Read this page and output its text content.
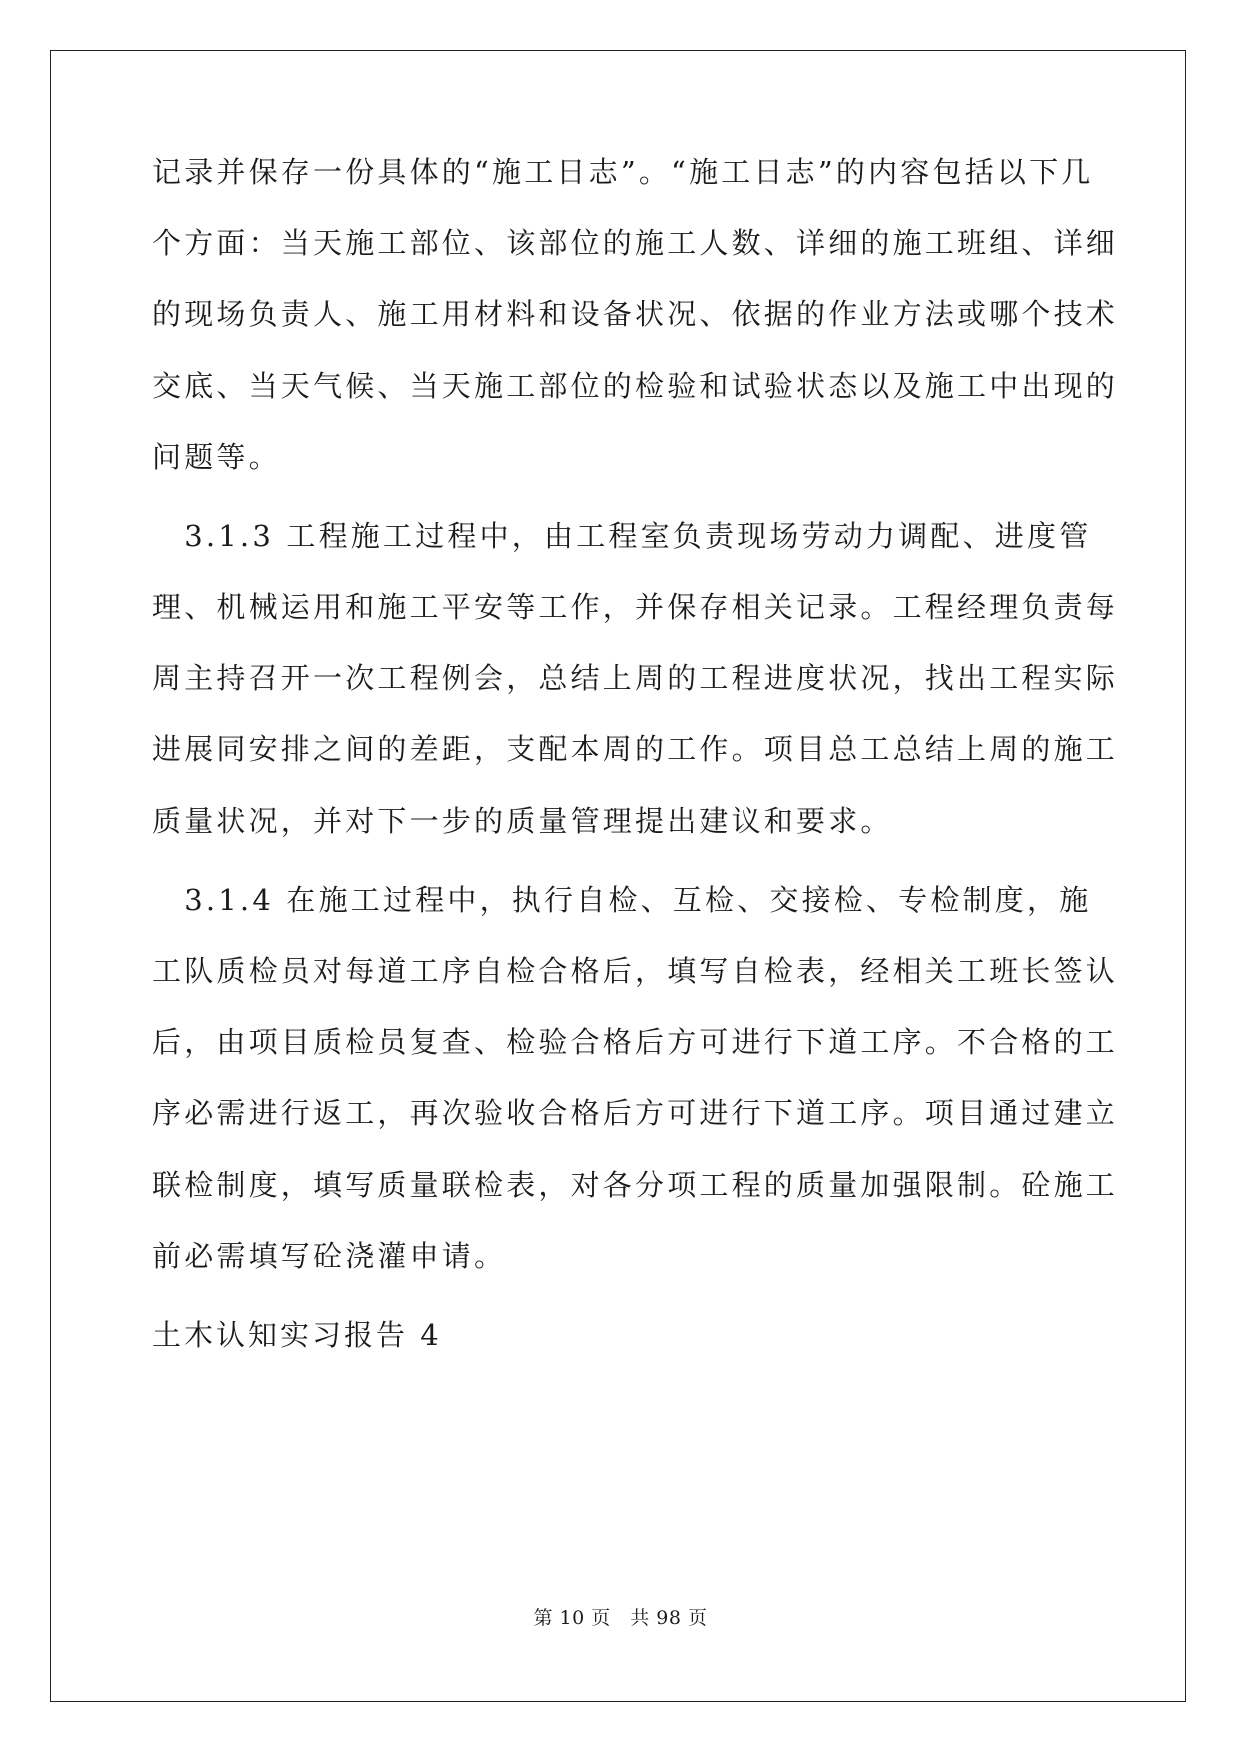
记录并保存一份具体的“施工日志”。“施工日志”的内容包括以下几
个方面：当天施工部位、该部位的施工人数、详细的施工班组、详细
的现场负责人、施工用材料和设备状况、依据的作业方法或哪个技术
交底、当天气候、当天施工部位的检验和试验状态以及施工中出现的
问题等。
　3.1.3 工程施工过程中，由工程室负责现场劳动力调配、进度管
理、机械运用和施工平安等工作，并保存相关记录。工程经理负责每
周主持召开一次工程例会，总结上周的工程进度状况，找出工程实际
进展同安排之间的差距，支配本周的工作。项目总工总结上周的施工
质量状况，并对下一步的质量管理提出建议和要求。
　3.1.4 在施工过程中，执行自检、互检、交接检、专检制度，施
工队质检员对每道工序自检合格后，填写自检表，经相关工班长签认
后，由项目质检员复查、检验合格后方可进行下道工序。不合格的工
序必需进行返工，再次验收合格后方可进行下道工序。项目通过建立
联检制度，填写质量联检表，对各分项工程的质量加强限制。砼施工
前必需填写砼浇灌申请。
土木认知实习报告 4
第 10 页　共 98 页
